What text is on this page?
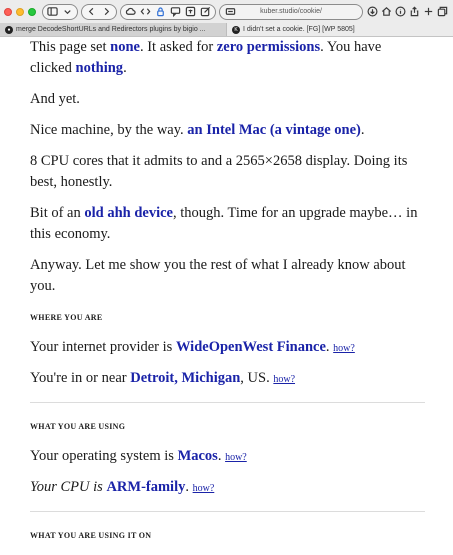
kuber.studio/cookie/
● merge DecodeShortURLs and Redirectors plugins by bigio ...	K I didn't set a cookie. [FG] [WP 5805]

This page set none. It asked for zero permissions. You have clicked nothing.

And yet.

Nice machine, by the way. an Intel Mac (a vintage one).

8 CPU cores that it admits to and a 2565×2658 display. Doing its best, honestly.

Bit of an old ahh device, though. Time for an upgrade maybe… in this economy.

Anyway. Let me show you the rest of what I already know about you.

WHERE YOU ARE
Your internet provider is WideOpenWest Finance. how?
You're in or near Detroit, Michigan, US. how?
WHAT YOU ARE USING
Your operating system is Macos. how?
Your CPU is ARM-family. how?
WHAT YOU ARE USING IT ON
